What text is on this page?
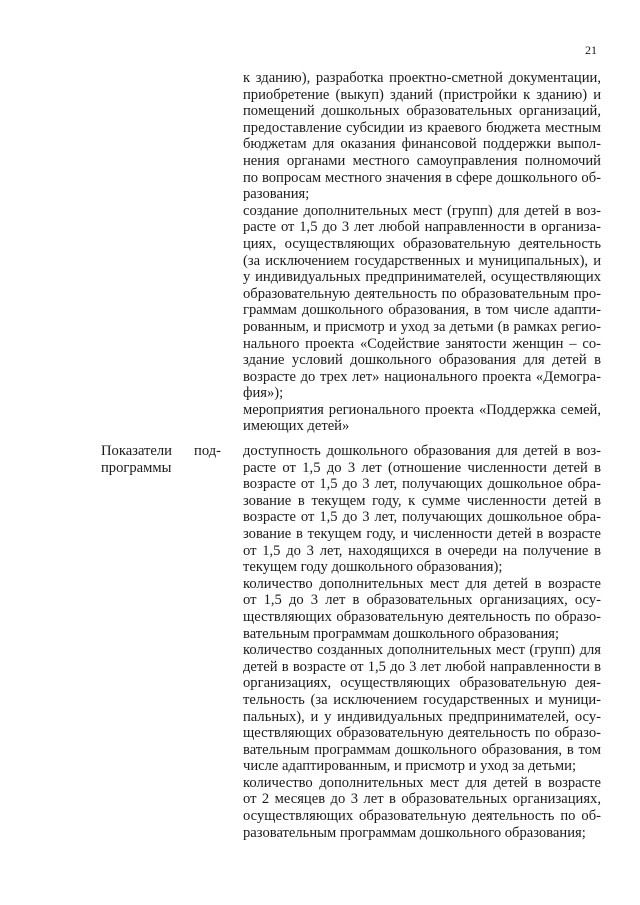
21
к зданию), разработка проектно-сметной документации,
приобретение (выкуп) зданий (пристройки к зданию) и
помещений дошкольных образовательных организаций,
предоставление субсидии из краевого бюджета местным
бюджетам для оказания финансовой поддержки выпол-
нения органами местного самоуправления полномочий
по вопросам местного значения в сфере дошкольного об-
разования;
создание дополнительных мест (групп) для детей в воз-
расте от 1,5 до 3 лет любой направленности в организа-
циях, осуществляющих образовательную деятельность
(за исключением государственных и муниципальных), и
у индивидуальных предпринимателей, осуществляющих
образовательную деятельность по образовательным про-
граммам дошкольного образования, в том числе адапти-
рованным, и присмотр и уход за детьми (в рамках регио-
нального проекта «Содействие занятости женщин – со-
здание условий дошкольного образования для детей в
возрасте до трех лет» национального проекта «Демогра-
фия»);
мероприятия регионального проекта «Поддержка семей,
имеющих детей»
Показатели под-
программы
доступность дошкольного образования для детей в воз-
расте от 1,5 до 3 лет (отношение численности детей в
возрасте от 1,5 до 3 лет, получающих дошкольное обра-
зование в текущем году, к сумме численности детей в
возрасте от 1,5 до 3 лет, получающих дошкольное обра-
зование в текущем году, и численности детей в возрасте
от 1,5 до 3 лет, находящихся в очереди на получение в
текущем году дошкольного образования);
количество дополнительных мест для детей в возрасте
от 1,5 до 3 лет в образовательных организациях, осу-
ществляющих образовательную деятельность по образо-
вательным программам дошкольного образования;
количество созданных дополнительных мест (групп) для
детей в возрасте от 1,5 до 3 лет любой направленности в
организациях, осуществляющих образовательную дея-
тельность (за исключением государственных и муници-
пальных), и у индивидуальных предпринимателей, осу-
ществляющих образовательную деятельность по образо-
вательным программам дошкольного образования, в том
числе адаптированным, и присмотр и уход за детьми;
количество дополнительных мест для детей в возрасте
от 2 месяцев до 3 лет в образовательных организациях,
осуществляющих образовательную деятельность по об-
разовательным программам дошкольного образования;
